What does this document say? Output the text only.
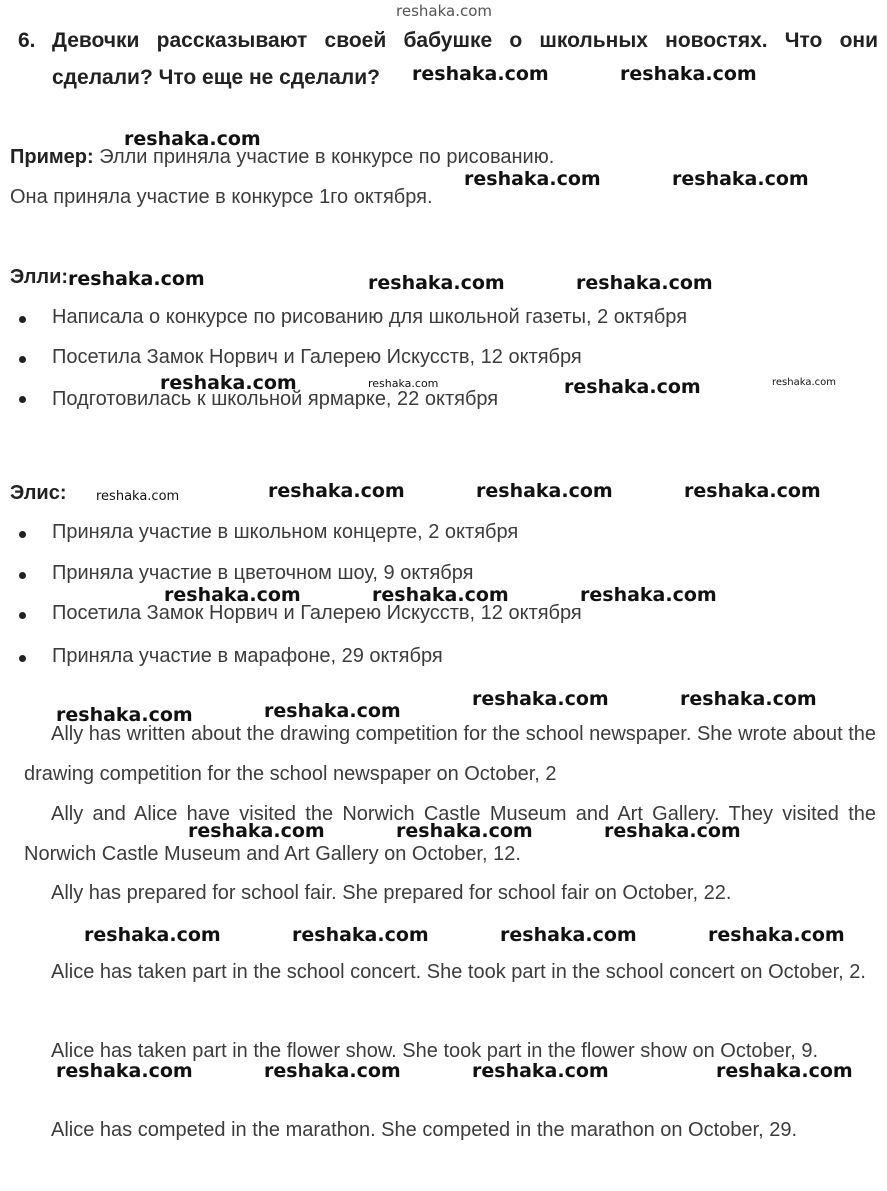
reshaka.com
6. Девочки рассказывают своей бабушке о школьных новостях. Что они
сделали? Что еще не сделали?
Пример: Элли приняла участие в конкурсе по рисованию.
Она приняла участие в конкурсе 1го октября.
Элли:
Написала о конкурсе по рисованию для школьной газеты, 2 октября
Посетила Замок Норвич и Галерею Искусств, 12 октября
Подготовилась к школьной ярмарке, 22 октября
Элис:
Приняла участие в школьном концерте, 2 октября
Приняла участие в цветочном шоу, 9 октября
Посетила Замок Норвич и Галерею Искусств, 12 октября
Приняла участие в марафоне, 29 октября
Ally has written about the drawing competition for the school newspaper. She wrote about the drawing competition for the school newspaper on October, 2
Ally and Alice have visited the Norwich Castle Museum and Art Gallery. They visited the Norwich Castle Museum and Art Gallery on October, 12.
Ally has prepared for school fair. She prepared for school fair on October, 22.
Alice has taken part in the school concert. She took part in the school concert on October, 2.
Alice has taken part in the flower show. She took part in the flower show on October, 9.
Alice has competed in the marathon. She competed in the marathon on October, 29.
reshaka.com	reshaka.com
reshaka.com
reshaka.com	reshaka.com
reshaka.com	reshaka.com	reshaka.com
reshaka.com	reshaka.com	reshaka.com	reshaka.com
reshaka.com	reshaka.com	reshaka.com	reshaka.com
reshaka.com	reshaka.com	reshaka.com
reshaka.com	reshaka.com
reshaka.com	reshaka.com
reshaka.com	reshaka.com	reshaka.com
reshaka.com	reshaka.com	reshaka.com	reshaka.com
reshaka.com	reshaka.com	reshaka.com	reshaka.com
